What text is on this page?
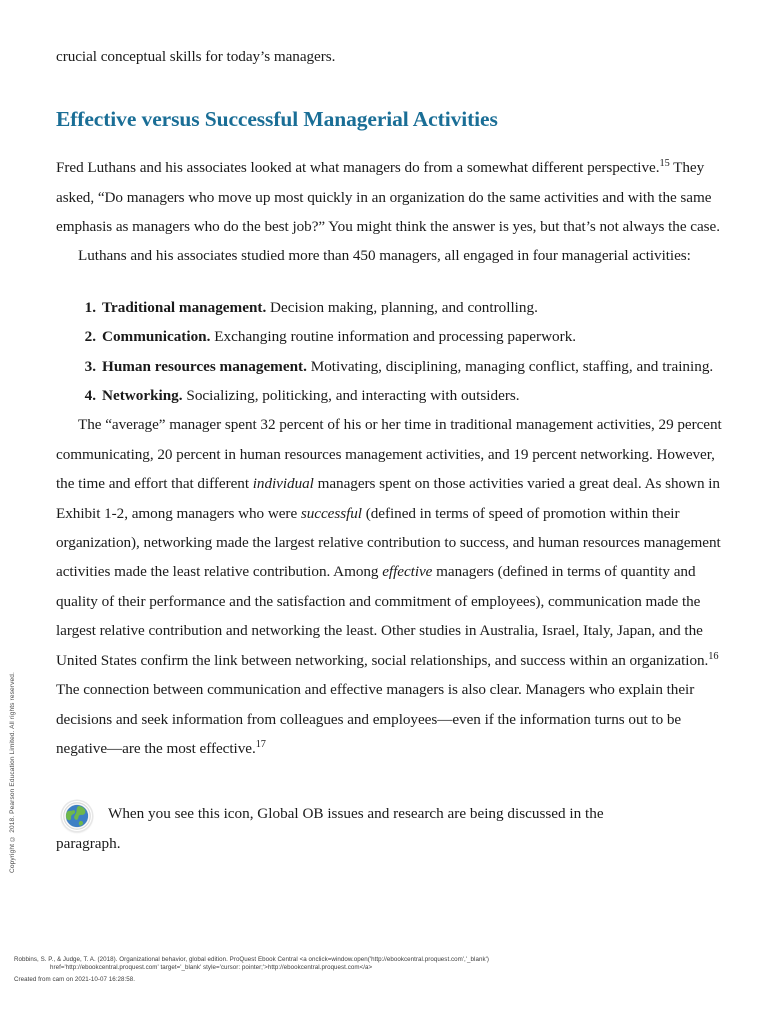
Copyright © 2018. Pearson Education Limited. All rights reserved.

crucial conceptual skills for today’s managers.

Effective versus Successful Managerial Activities

Fred Luthans and his associates looked at what managers do from a somewhat different perspective.$^{15}$ They asked, “Do managers who move up most quickly in an organization do the same activities and with the same emphasis as managers who do the best job?” You might think the answer is yes, but that’s not always the case.

Luthans and his associates studied more than 450 managers, all engaged in four managerial activities:

Traditional management. Decision making, planning, and controlling.
Communication. Exchanging routine information and processing paperwork.
Human resources management. Motivating, disciplining, managing conflict, staffing, and training.
Networking. Socializing, politicking, and interacting with outsiders.

The “average” manager spent 32 percent of his or her time in traditional management activities, 29 percent communicating, 20 percent in human resources management activities, and 19 percent networking. However, the time and effort that different individual managers spent on those activities varied a great deal. As shown in Exhibit 1-2, among managers who were successful (defined in terms of speed of promotion within their organization), networking made the largest relative contribution to success, and human resources management activities made the least relative contribution. Among effective managers (defined in terms of quantity and quality of their performance and the satisfaction and commitment of employees), communication made the largest relative contribution and networking the least. Other studies in Australia, Israel, Italy, Japan, and the United States confirm the link between networking, social relationships, and success within an organization.$^{16}$ The connection between communication and effective managers is also clear. Managers who explain their decisions and seek information from colleagues and employees—even if the information turns out to be negative—are the most effective.$^{17}$

When you see this icon, Global OB issues and research are being discussed in the

paragraph.

Robbins, S. P., & Judge, T. A. (2018). Organizational behavior, global edition. ProQuest Ebook Central <a onclick=window.open('http://ebookcentral.proquest.com','_blank')
href='http://ebookcentral.proquest.com' target='_blank' style='cursor: pointer;'>http://ebookcentral.proquest.com</a>
Created from cam on 2021-10-07 16:28:58.
